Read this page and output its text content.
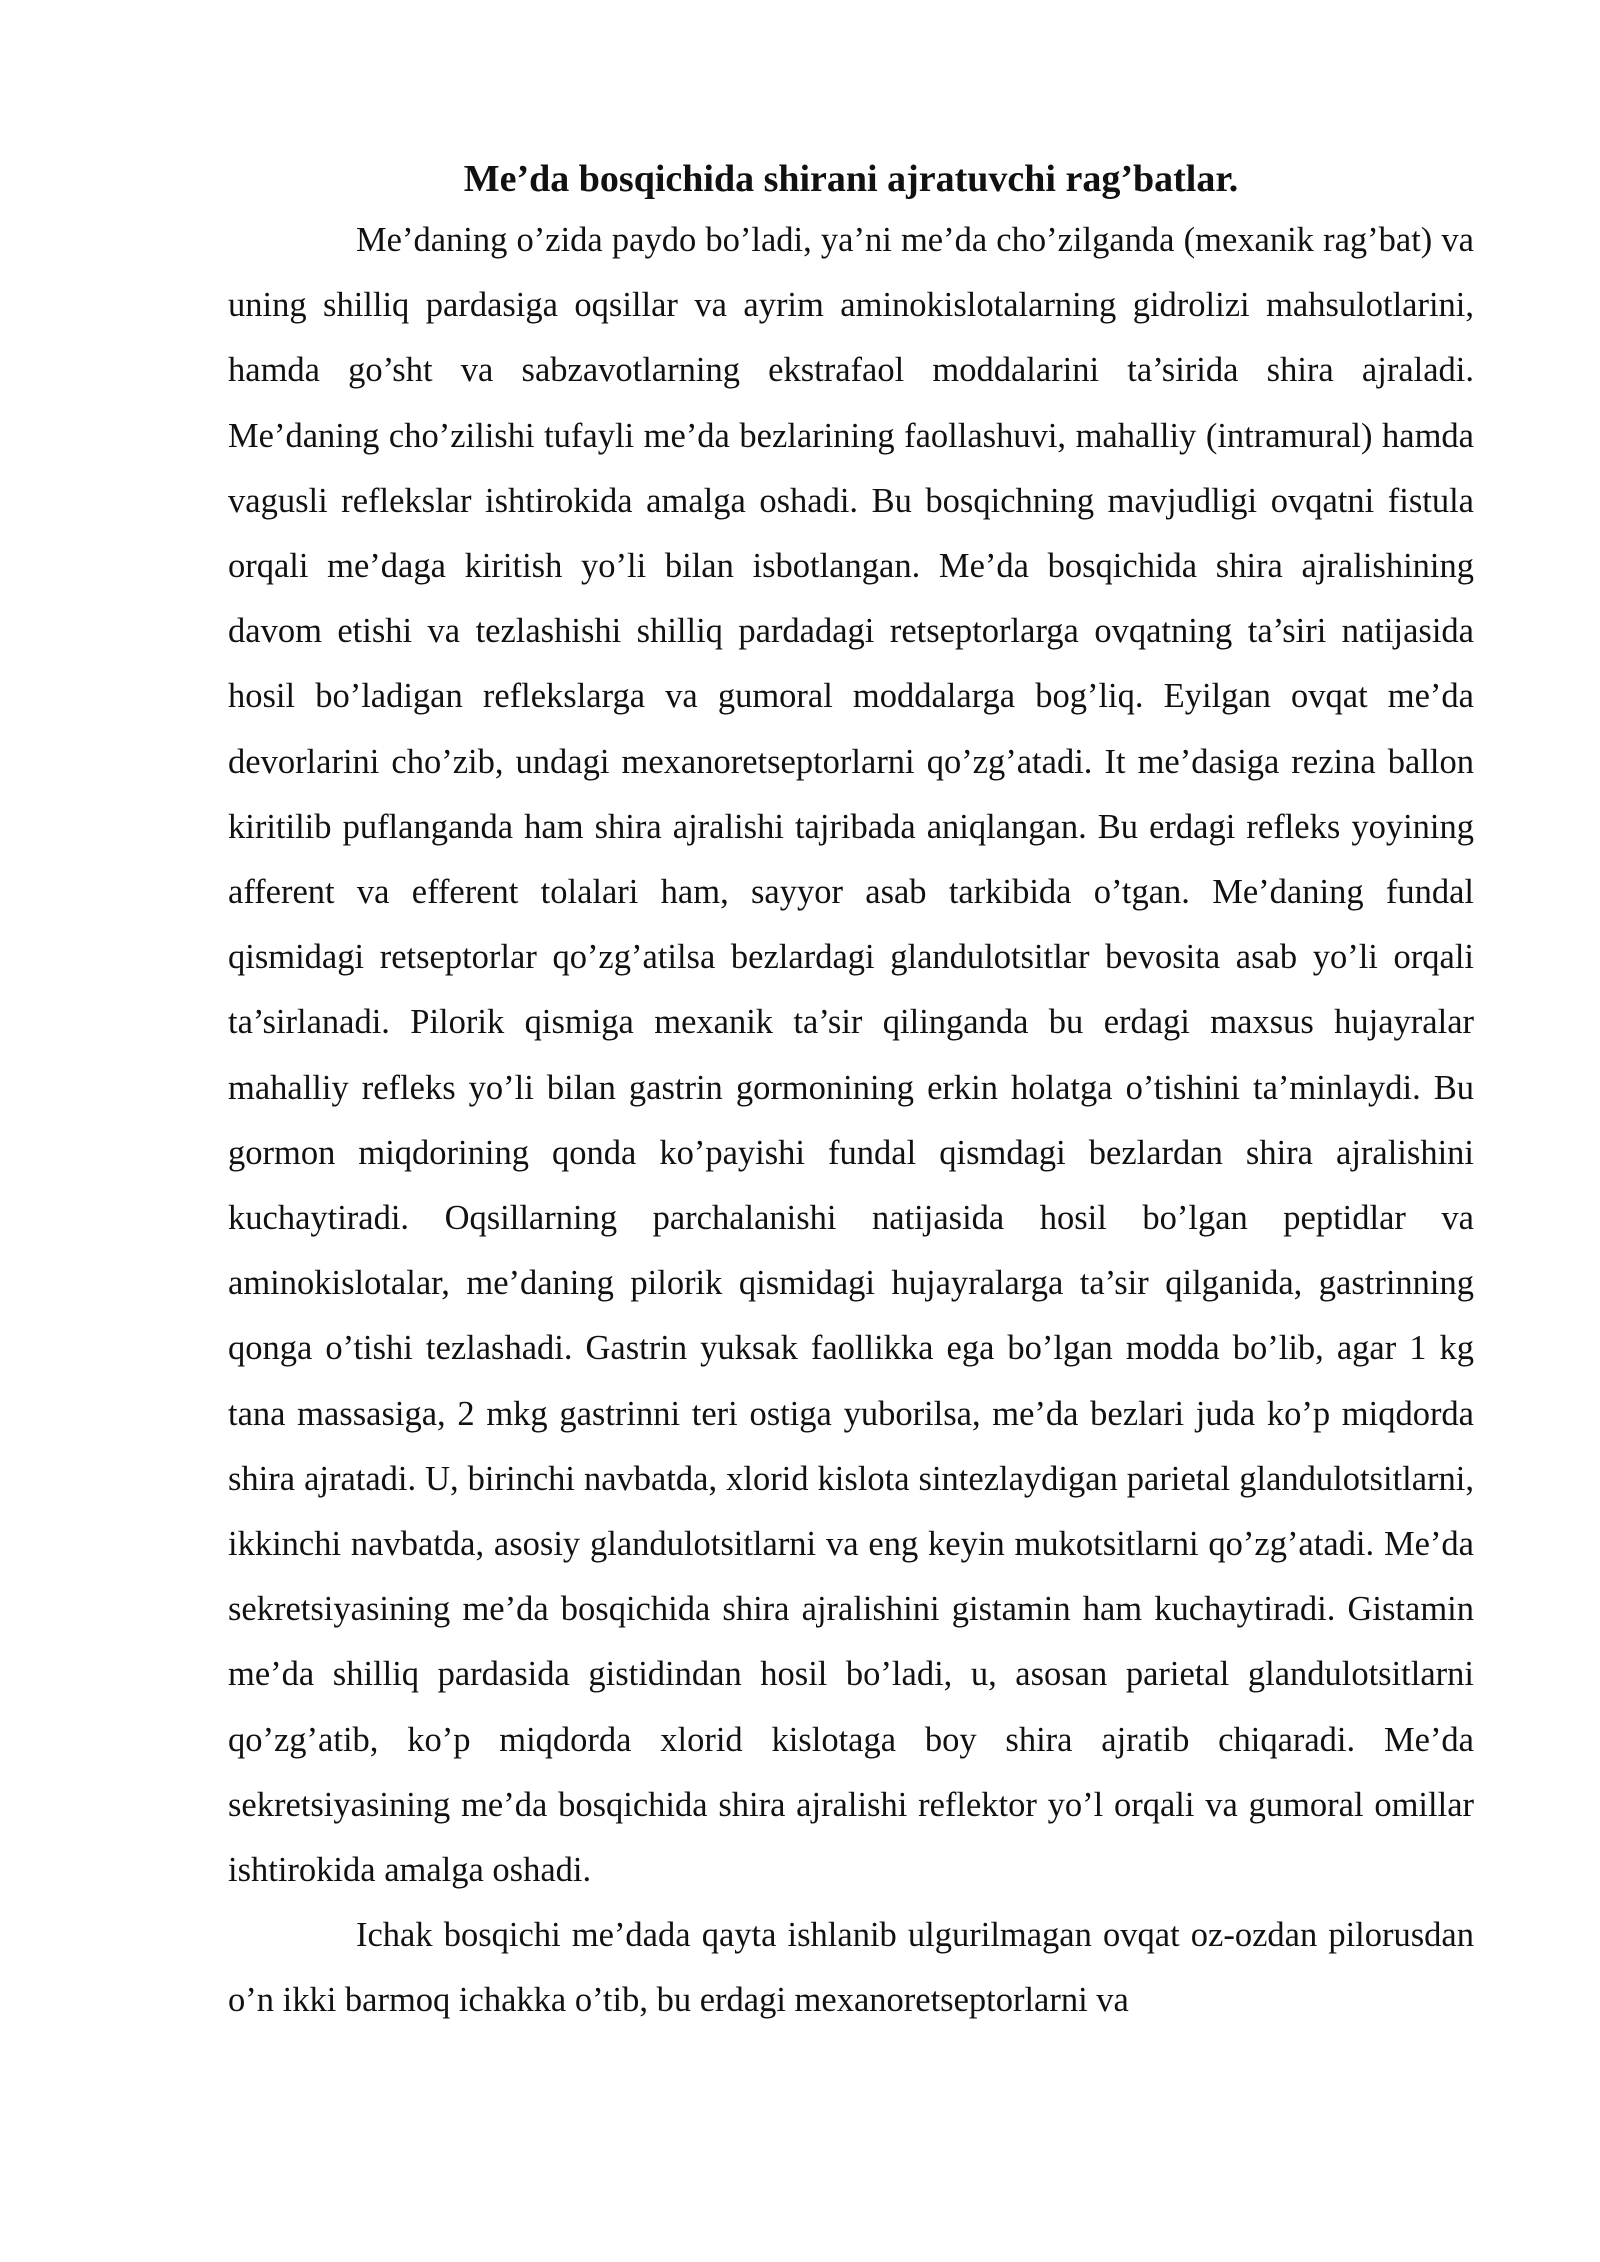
Me’da bosqichida shirani ajratuvchi rag’batlar.

Me’daning o’zida paydo bo’ladi, ya’ni me’da cho’zilganda (mexanik rag’bat) va uning shilliq pardasiga oqsillar va ayrim aminokislotalarning gidrolizi mahsulotlarini, hamda go’sht va sabzavotlarning ekstrafaol moddalarini ta’sirida shira ajraladi. Me’daning cho’zilishi tufayli me’da bezlarining faollashuvi, mahalliy (intramural) hamda vagusli reflekslar ishtirokida amalga oshadi. Bu bosqichning mavjudligi ovqatni fistula orqali me’daga kiritish yo’li bilan isbotlangan. Me’da bosqichida shira ajralishining davom etishi va tezlashishi shilliq pardadagi retseptorlarga ovqatning ta’siri natijasida hosil bo’ladigan reflekslarga va gumoral moddalarga bog’liq. Eyilgan ovqat me’da devorlarini cho’zib, undagi mexanoretseptorlarni qo’zg’atadi. It me’dasiga rezina ballon kiritilib puflanganda ham shira ajralishi tajribada aniqlangan. Bu erdagi refleks yoyining afferent va efferent tolalari ham, sayyor asab tarkibida o’tgan. Me’daning fundal qismidagi retseptorlar qo’zg’atilsa bezlardagi glandulotsitlar bevosita asab yo’li orqali ta’sirlanadi. Pilorik qismiga mexanik ta’sir qilinganda bu erdagi maxsus hujayralar mahalliy refleks yo’li bilan gastrin gormonining erkin holatga o’tishini ta’minlaydi. Bu gormon miqdorining qonda ko’payishi fundal qismdagi bezlardan shira ajralishini kuchaytiradi. Oqsillarning parchalanishi natijasida hosil bo’lgan peptidlar va aminokislotalar, me’daning pilorik qismidagi hujayralarga ta’sir qilganida, gastrinning qonga o’tishi tezlashadi. Gastrin yuksak faollikka ega bo’lgan modda bo’lib, agar 1 kg tana massasiga, 2 mkg gastrinni teri ostiga yuborilsa, me’da bezlari juda ko’p miqdorda shira ajratadi. U, birinchi navbatda, xlorid kislota sintezlaydigan parietal glandulotsitlarni, ikkinchi navbatda, asosiy glandulotsitlarni va eng keyin mukotsitlarni qo’zg’atadi. Me’da sekretsiyasining me’da bosqichida shira ajralishini gistamin ham kuchaytiradi. Gistamin me’da shilliq pardasida gistidindan hosil bo’ladi, u, asosan parietal glandulotsitlarni qo’zg’atib, ko’p miqdorda xlorid kislotaga boy shira ajratib chiqaradi. Me’da sekretsiyasining me’da bosqichida shira ajralishi reflektor yo’l orqali va gumoral omillar ishtirokida amalga oshadi.

Ichak bosqichi me’dada qayta ishlanib ulgurilmagan ovqat oz-ozdan pilorusdan o’n ikki barmoq ichakka o’tib, bu erdagi mexanoretseptorlarni va
